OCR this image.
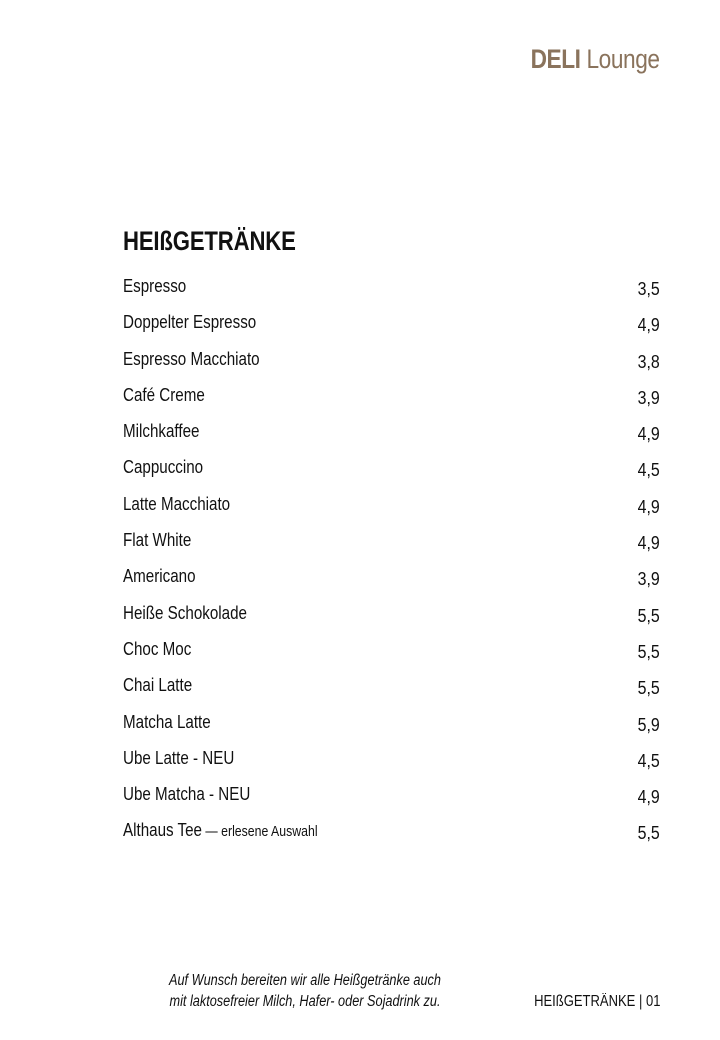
DELI Lounge
HEIßGETRÄNKE
Espresso	3,5
Doppelter Espresso	4,9
Espresso Macchiato	3,8
Café Creme	3,9
Milchkaffee	4,9
Cappuccino	4,5
Latte Macchiato	4,9
Flat White	4,9
Americano	3,9
Heiße Schokolade	5,5
Choc Moc	5,5
Chai Latte	5,5
Matcha Latte	5,9
Ube Latte - NEU	4,5
Ube Matcha - NEU	4,9
Althaus Tee — erlesene Auswahl	5,5
Auf Wunsch bereiten wir alle Heißgetränke auch
mit laktosefreier Milch, Hafer- oder Sojadrink zu.	HEIßGETRÄNKE | 01
